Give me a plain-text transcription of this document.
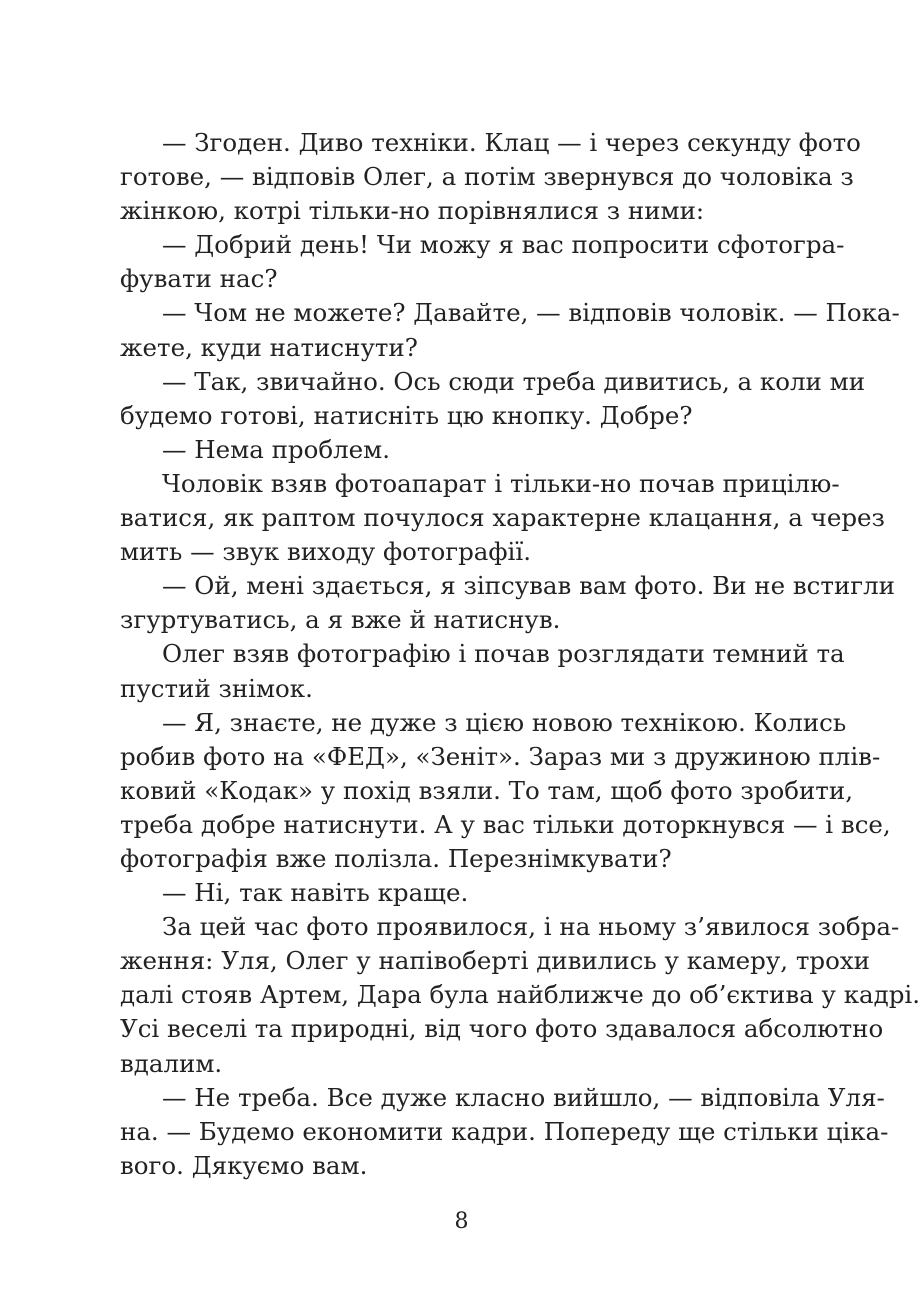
— Згоден. Диво техніки. Клац — і через секунду фото
готове, — відповів Олег, а потім звернувся до чоловіка з
жінкою, котрі тільки-но порівнялися з ними:
— Добрий день! Чи можу я вас попросити сфотогра-
фувати нас?
— Чом не можете? Давайте, — відповів чоловік. — Пока-
жете, куди натиснути?
— Так, звичайно. Ось сюди треба дивитись, а коли ми
будемо готові, натисніть цю кнопку. Добре?
— Нема проблем.
Чоловік взяв фотоапарат і тільки-но почав прицілю-
ватися, як раптом почулося характерне клацання, а через
мить — звук виходу фотографії.
— Ой, мені здається, я зіпсував вам фото. Ви не встигли
згуртуватись, а я вже й натиснув.
Олег взяв фотографію і почав розглядати темний та
пустий знімок.
— Я, знаєте, не дуже з цією новою технікою. Колись
робив фото на «ФЕД», «Зеніт». Зараз ми з дружиною плів-
ковий «Кодак» у похід взяли. То там, щоб фото зробити,
треба добре натиснути. А у вас тільки доторкнувся — і все,
фотографія вже полізла. Перезнімкувати?
— Ні, так навіть краще.
За цей час фото проявилося, і на ньому з’явилося зобра-
ження: Уля, Олег у напівоберті дивились у камеру, трохи
далі стояв Артем, Дара була найближче до об’єктива у кадрі.
Усі веселі та природні, від чого фото здавалося абсолютно
вдалим.
— Не треба. Все дуже класно вийшло, — відповіла Уля-
на. — Будемо економити кадри. Попереду ще стільки ціка-
вого. Дякуємо вам.
8
